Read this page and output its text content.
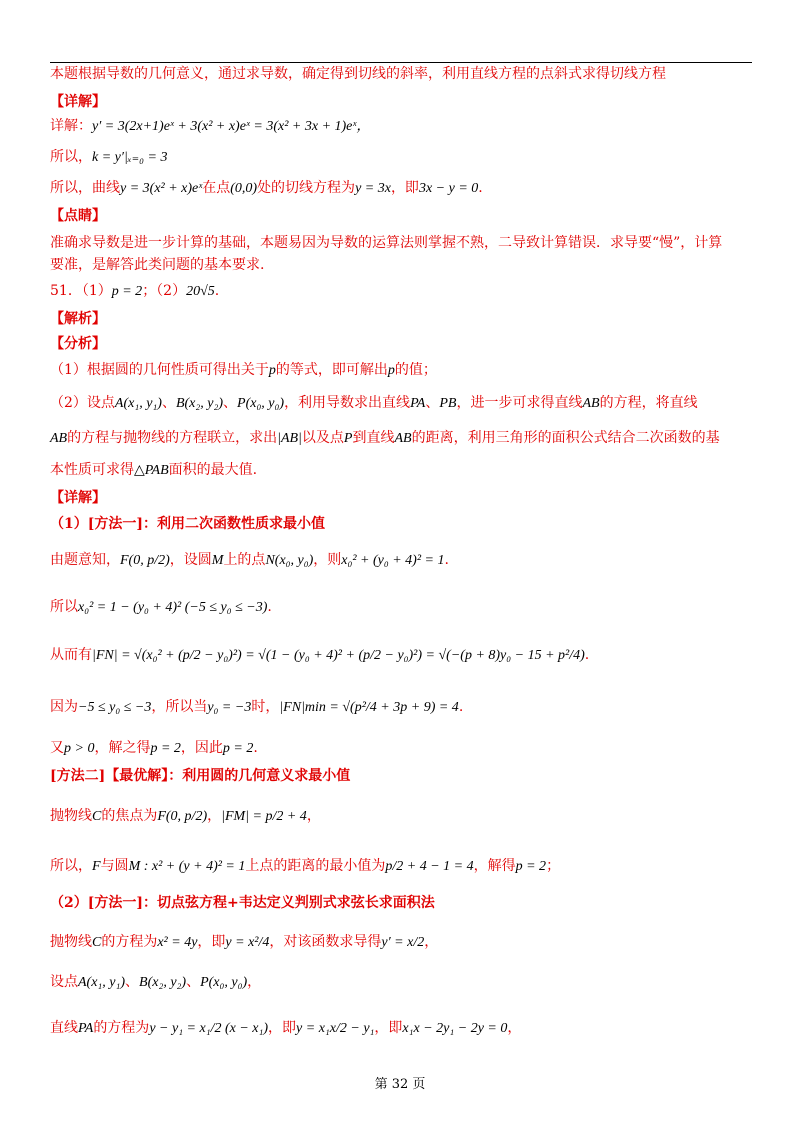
本题根据导数的几何意义，通过求导数，确定得到切线的斜率，利用直线方程的点斜式求得切线方程
【详解】
详解：y′ = 3(2x+1)eˣ + 3(x² + x)eˣ = 3(x² + 3x + 1)eˣ，
所以，k = y′|ₓ₌₀ = 3
所以，曲线y = 3(x² + x)eˣ在点(0,0)处的切线方程为y = 3x，即3x − y = 0.
【点睛】
准确求导数是进一步计算的基础，本题易因为导数的运算法则掌握不熟，二导致计算错误．求导要“慢”，计算
要准，是解答此类问题的基本要求.
51．（1）p = 2；（2）20√5.
【解析】
【分析】
（1）根据圆的几何性质可得出关于p的等式，即可解出p的值；
（2）设点A(x₁, y₁)、B(x₂, y₂)、P(x₀, y₀)，利用导数求出直线PA、PB，进一步可求得直线AB的方程，将直线
AB的方程与抛物线的方程联立，求出|AB|以及点P到直线AB的距离，利用三角形的面积公式结合二次函数的基
本性质可求得△PAB面积的最大值.
【详解】
（1）[方法一]：利用二次函数性质求最小值
由题意知，F(0, p/2)，设圆M上的点N(x₀, y₀)，则x₀² + (y₀ + 4)² = 1.
所以x₀² = 1 − (y₀ + 4)² (−5 ≤ y₀ ≤ −3).
从而有|FN| = √(x₀² + (p/2 − y₀)²) = √(1 − (y₀ + 4)² + (p/2 − y₀)²) = √(−(p + 8)y₀ − 15 + p²/4).
因为−5 ≤ y₀ ≤ −3，所以当y₀ = −3时，|FN|min = √(p²/4 + 3p + 9) = 4.
又p > 0，解之得p = 2，因此p = 2.
[方法二]【最优解】：利用圆的几何意义求最小值
抛物线C的焦点为F(0, p/2)，|FM| = p/2 + 4，
所以，F与圆M : x² + (y + 4)² = 1上点的距离的最小值为p/2 + 4 − 1 = 4，解得p = 2；
（2）[方法一]：切点弦方程+韦达定义判别式求弦长求面积法
抛物线C的方程为x² = 4y，即y = x²/4，对该函数求导得y′ = x/2，
设点A(x₁, y₁)、B(x₂, y₂)、P(x₀, y₀)，
直线PA的方程为y − y₁ = x₁/2 (x − x₁)，即y = x₁x/2 − y₁，即x₁x − 2y₁ − 2y = 0，
第 32 页
